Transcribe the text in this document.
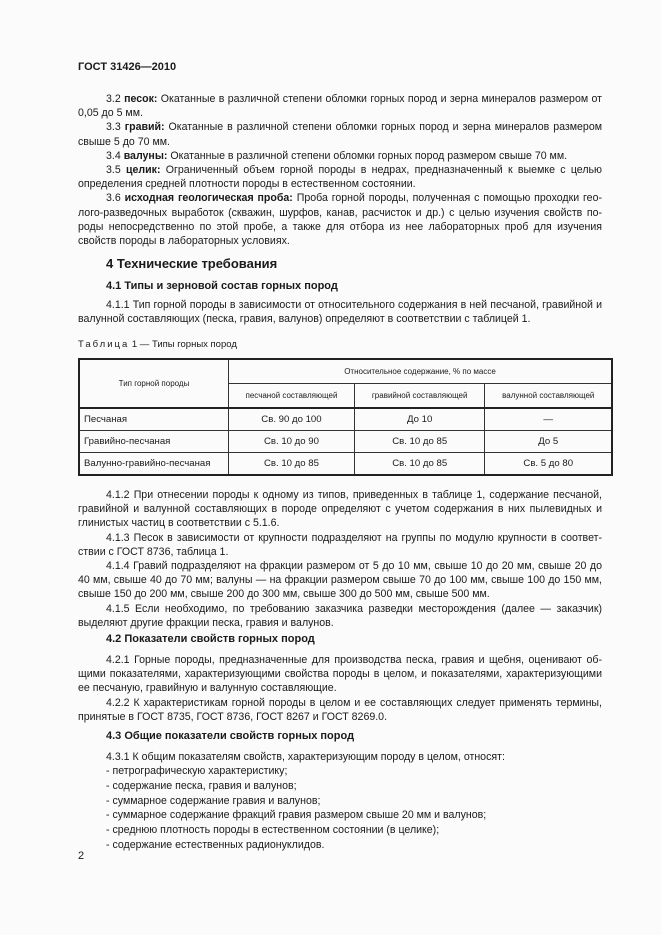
ГОСТ 31426—2010

3.2 песок: Окатанные в различной степени обломки горных пород и зерна минералов размером от 0,05 до 5 мм.

3.3 гравий: Окатанные в различной степени обломки горных пород и зерна минералов размером свыше 5 до 70 мм.

3.4 валуны: Окатанные в различной степени обломки горных пород размером свыше 70 мм.

3.5 целик: Ограниченный объем горной породы в недрах, предназначенный к выемке с целью определения средней плотности породы в естественном состоянии.

3.6 исходная геологическая проба: Проба горной породы, полученная с помощью проходки геолого-разведочных выработок (скважин, шурфов, канав, расчисток и др.) с целью изучения свойств породы непосредственно по этой пробе, а также для отбора из нее лабораторных проб для изучения свойств породы в лабораторных условиях.

4 Технические требования
4.1 Типы и зерновой состав горных пород

4.1.1 Тип горной породы в зависимости от относительного содержания в ней песчаной, гравийной и валунной составляющих (песка, гравия, валунов) определяют в соответствии с таблицей 1.

Таблица 1 — Типы горных пород
Тип горной породы	Относительное содержание, % по массе		
	песчаной составляющей	гравийной составляющей	валунной составляющей
Песчаная	Св. 90 до 100	До 10	—
Гравийно-песчаная	Св. 10 до 90	Св. 10 до 85	До 5
Валунно-гравийно-песчаная	Св. 10 до 85	Св. 10 до 85	Св. 5 до 80

4.1.2 При отнесении породы к одному из типов, приведенных в таблице 1, содержание песчаной, гравийной и валунной составляющих в породе определяют с учетом содержания в них пылевидных и глинистых частиц в соответствии с 5.1.6.

4.1.3 Песок в зависимости от крупности подразделяют на группы по модулю крупности в соответствии с ГОСТ 8736, таблица 1.

4.1.4 Гравий подразделяют на фракции размером от 5 до 10 мм, свыше 10 до 20 мм, свыше 20 до 40 мм, свыше 40 до 70 мм; валуны — на фракции размером свыше 70 до 100 мм, свыше 100 до 150 мм, свыше 150 до 200 мм, свыше 200 до 300 мм, свыше 300 до 500 мм, свыше 500 мм.

4.1.5 Если необходимо, по требованию заказчика разведки месторождения (далее — заказчик) выделяют другие фракции песка, гравия и валунов.

4.2 Показатели свойств горных пород

4.2.1 Горные породы, предназначенные для производства песка, гравия и щебня, оценивают общими показателями, характеризующими свойства породы в целом, и показателями, характеризующими ее песчаную, гравийную и валунную составляющие.

4.2.2 К характеристикам горной породы в целом и ее составляющих следует применять термины, принятые в ГОСТ 8735, ГОСТ 8736, ГОСТ 8267 и ГОСТ 8269.0.

4.3 Общие показатели свойств горных пород

4.3.1 К общим показателям свойств, характеризующим породу в целом, относят:

- петрографическую характеристику;
- содержание песка, гравия и валунов;
- суммарное содержание гравия и валунов;
- суммарное содержание фракций гравия размером свыше 20 мм и валунов;
- среднюю плотность породы в естественном состоянии (в целике);
- содержание естественных радионуклидов.
2
